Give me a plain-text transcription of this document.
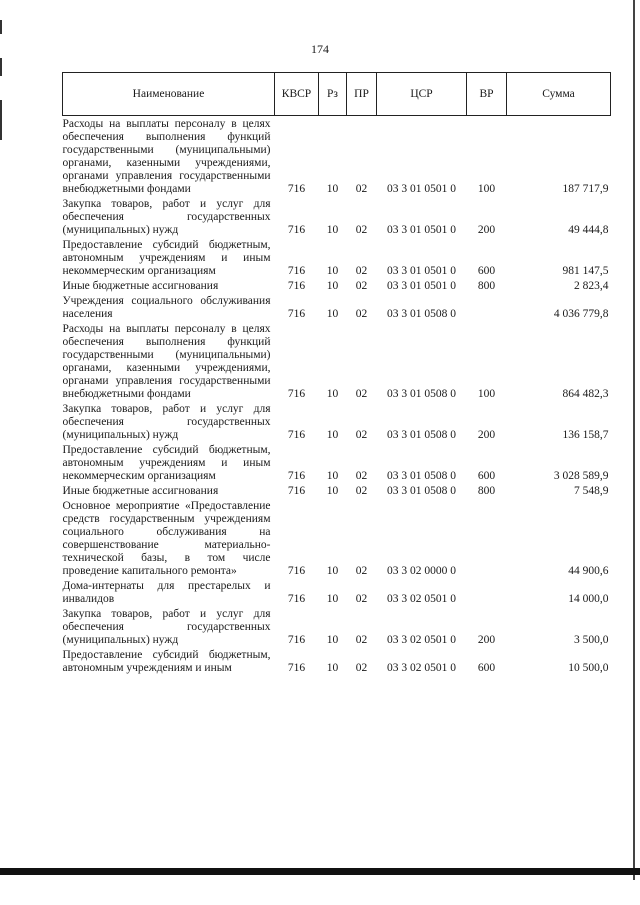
174
Наименование	КВСР	Рз	ПР	ЦСР	ВР	Сумма
Расходы на выплаты персоналу в целях обеспечения выполнения функций государственными (муниципальными) органами, казенными учреждениями, органами управления государственными внебюджетными фондами	716	10	02	03 3 01 0501 0	100	187 717,9
Закупка товаров, работ и услуг для обеспечения государственных (муниципальных) нужд	716	10	02	03 3 01 0501 0	200	49 444,8
Предоставление субсидий бюджетным, автономным учреждениям и иным некоммерческим организациям	716	10	02	03 3 01 0501 0	600	981 147,5
Иные бюджетные ассигнования	716	10	02	03 3 01 0501 0	800	2 823,4
Учреждения социального обслуживания населения	716	10	02	03 3 01 0508 0		4 036 779,8
Расходы на выплаты персоналу в целях обеспечения выполнения функций государственными (муниципальными) органами, казенными учреждениями, органами управления государственными внебюджетными фондами	716	10	02	03 3 01 0508 0	100	864 482,3
Закупка товаров, работ и услуг для обеспечения государственных (муниципальных) нужд	716	10	02	03 3 01 0508 0	200	136 158,7
Предоставление субсидий бюджетным, автономным учреждениям и иным некоммерческим организациям	716	10	02	03 3 01 0508 0	600	3 028 589,9
Иные бюджетные ассигнования	716	10	02	03 3 01 0508 0	800	7 548,9
Основное мероприятие «Предоставление средств государственным учреждениям социального обслуживания на совершенствование материально-технической базы, в том числе проведение капитального ремонта»	716	10	02	03 3 02 0000 0		44 900,6
Дома-интернаты для престарелых и инвалидов	716	10	02	03 3 02 0501 0		14 000,0
Закупка товаров, работ и услуг для обеспечения государственных (муниципальных) нужд	716	10	02	03 3 02 0501 0	200	3 500,0
Предоставление субсидий бюджетным, автономным учреждениям и иным	716	10	02	03 3 02 0501 0	600	10 500,0
